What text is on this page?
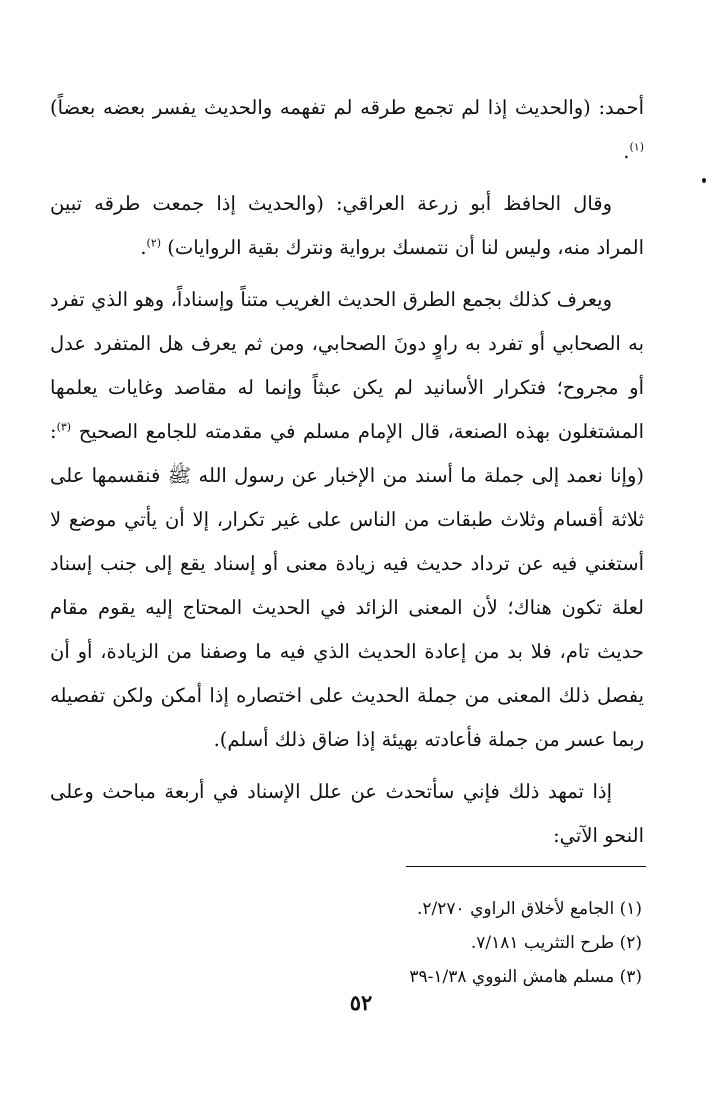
أحمد: (والحديث إذا لم تجمع طرقه لم تفهمه والحديث يفسر بعضه بعضاً)$^{(١)}$.

وقال الحافظ أبو زرعة العراقي: (والحديث إذا جمعت طرقه تبين المراد منه، وليس لنا أن نتمسك برواية ونترك بقية الروايات) $^{(٢)}$.

ويعرف كذلك بجمع الطرق الحديث الغريب متناً وإسناداً، وهو الذي تفرد به الصحابي أو تفرد به راوٍ دونَ الصحابي، ومن ثم يعرف هل المتفرد عدل أو مجروح؛ فتكرار الأسانيد لم يكن عبثاً وإنما له مقاصد وغايات يعلمها المشتغلون بهذه الصنعة، قال الإمام مسلم في مقدمته للجامع الصحيح $^{(٣)}$: (وإنا نعمد إلى جملة ما أسند من الإخبار عن رسول الله ﷺ فنقسمها على ثلاثة أقسام وثلاث طبقات من الناس على غير تكرار، إلا أن يأتي موضع لا أستغني فيه عن ترداد حديث فيه زيادة معنى أو إسناد يقع إلى جنب إسناد لعلة تكون هناك؛ لأن المعنى الزائد في الحديث المحتاج إليه يقوم مقام حديث تام، فلا بد من إعادة الحديث الذي فيه ما وصفنا من الزيادة، أو أن يفصل ذلك المعنى من جملة الحديث على اختصاره إذا أمكن ولكن تفصيله ربما عسر من جملة فأعادته بهيئة إذا ضاق ذلك أسلم).

إذا تمهد ذلك فإني سأتحدث عن علل الإسناد في أربعة مباحث وعلى النحو الآتي:

(١) الجامع لأخلاق الراوي ٢/٢٧٠.

(٢) طرح التثريب ٧/١٨١.

(٣) مسلم هامش النووي ١/٣٨-٣٩

٥٢
